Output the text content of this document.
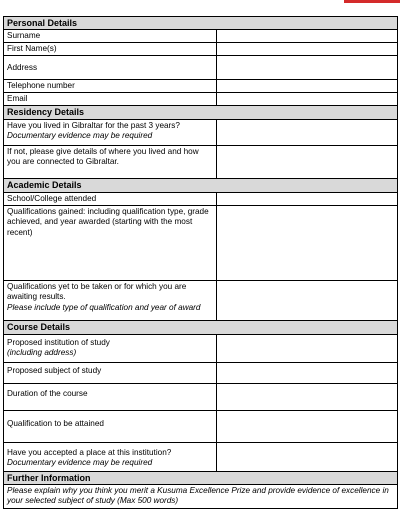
Personal Details	
Surname	
First Name(s)	
Address	
Telephone number	
Email	
Residency Details	

Have you lived in Gibraltar for the past 3 years?
Documentary evidence may be required	

If not, please give details of where you lived and how you are connected to Gibraltar.	
Academic Details	
School/College attended	
Qualifications gained: including qualification type, grade achieved, and year awarded (starting with the most recent)	

Qualifications yet to be taken or for which you are awaiting results.
Please include type of qualification and year of award	

Course Details	

Proposed institution of study
(including address)	

Proposed subject of study	
Duration of the course	
Qualification to be attained	

Have you accepted a place at this institution?
Documentary evidence may be required	

Further Information	
Please explain why you think you merit a Kusuma Excellence Prize and provide evidence of excellence in your selected subject of study (Max 500 words)	
